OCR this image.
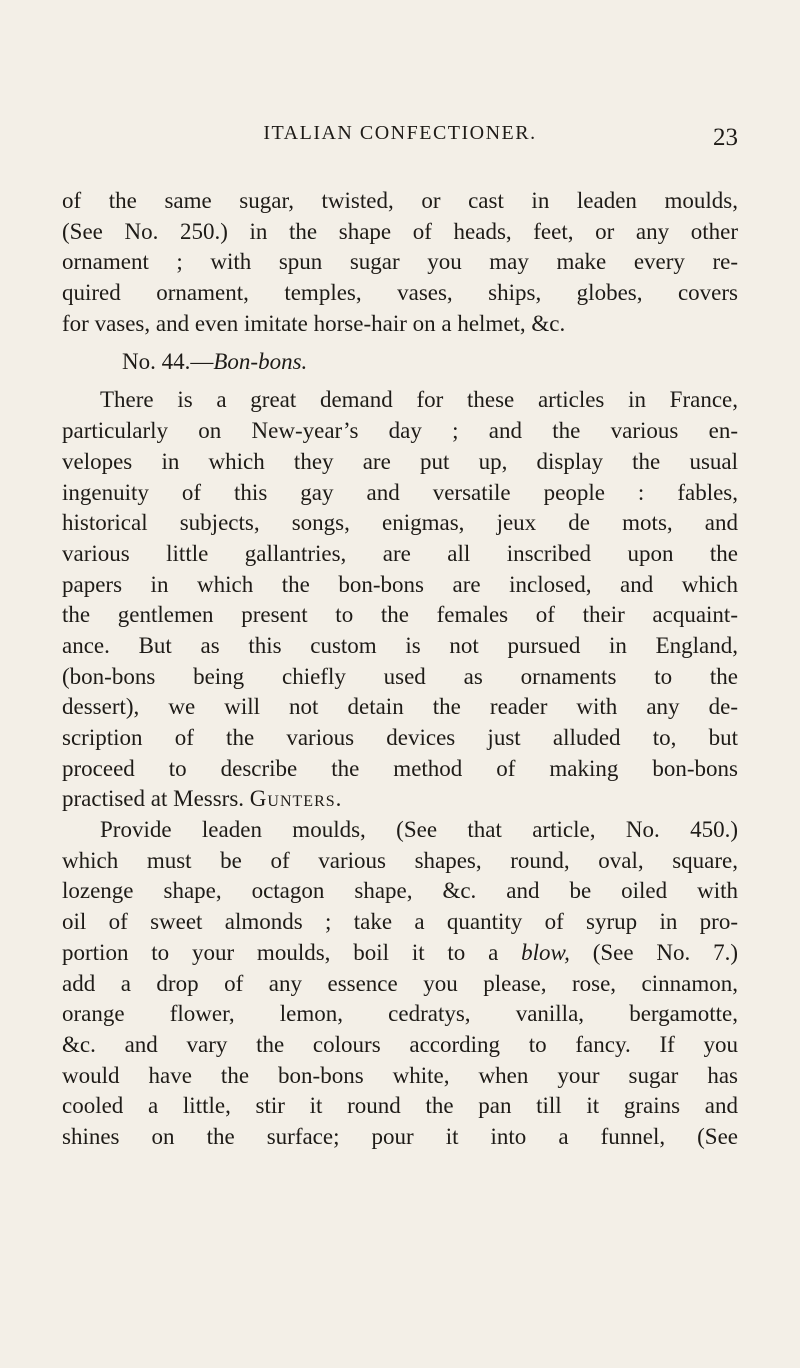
ITALIAN CONFECTIONER.	23
of the same sugar, twisted, or cast in leaden moulds,
(See No. 250.) in the shape of heads, feet, or any other
ornament ; with spun sugar you may make every re-
quired ornament, temples, vases, ships, globes, covers
for vases, and even imitate horse-hair on a helmet, &c.
No. 44.—Bon-bons.
There is a great demand for these articles in France,
particularly on New-year’s day ; and the various en-
velopes in which they are put up, display the usual
ingenuity of this gay and versatile people : fables,
historical subjects, songs, enigmas, jeux de mots, and
various little gallantries, are all inscribed upon the
papers in which the bon-bons are inclosed, and which
the gentlemen present to the females of their acquaint-
ance. But as this custom is not pursued in England,
(bon-bons being chiefly used as ornaments to the
dessert), we will not detain the reader with any de-
scription of the various devices just alluded to, but
proceed to describe the method of making bon-bons
practised at Messrs. Gunters.
Provide leaden moulds, (See that article, No. 450.)
which must be of various shapes, round, oval, square,
lozenge shape, octagon shape, &c. and be oiled with
oil of sweet almonds ; take a quantity of syrup in pro-
portion to your moulds, boil it to a blow, (See No. 7.)
add a drop of any essence you please, rose, cinnamon,
orange flower, lemon, cedratys, vanilla, bergamotte,
&c. and vary the colours according to fancy. If you
would have the bon-bons white, when your sugar has
cooled a little, stir it round the pan till it grains and
shines on the surface; pour it into a funnel, (See
